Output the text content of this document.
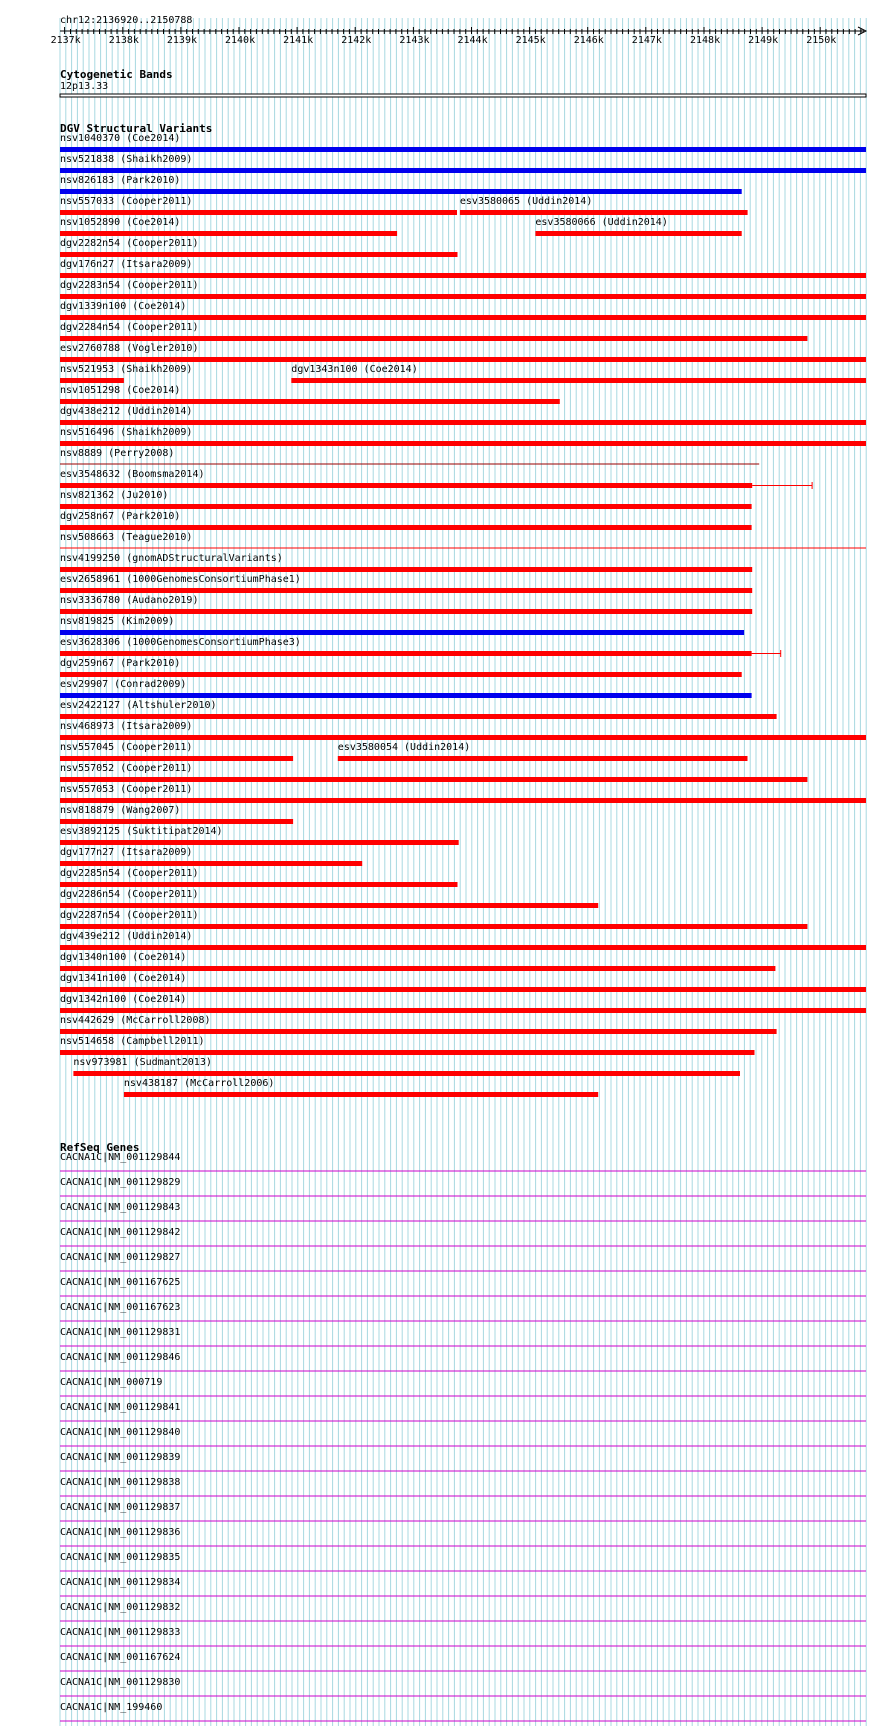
chr12:2136920..2150788
2137k	2138k	2139k	2140k	2141k	2142k	2143k	2144k	2145k	2146k	2147k	2148k	2149k	2150k
Cytogenetic Bands
12p13.33
DGV Structural Variants
nsv1040370 (Coe2014)
nsv521838 (Shaikh2009)
nsv826183 (Park2010)
nsv557033 (Cooper2011)	esv3580065 (Uddin2014)
nsv1052890 (Coe2014)	esv3580066 (Uddin2014)
dgv2282n54 (Cooper2011)
dgv176n27 (Itsara2009)
dgv2283n54 (Cooper2011)
dgv1339n100 (Coe2014)
dgv2284n54 (Cooper2011)
esv2760788 (Vogler2010)
nsv521953 (Shaikh2009)	dgv1343n100 (Coe2014)
nsv1051298 (Coe2014)
dgv438e212 (Uddin2014)
nsv516496 (Shaikh2009)
nsv8889 (Perry2008)
esv3548632 (Boomsma2014)
nsv821362 (Ju2010)
dgv258n67 (Park2010)
nsv508663 (Teague2010)
nsv4199250 (gnomADStructuralVariants)
esv2658961 (1000GenomesConsortiumPhase1)
nsv3336780 (Audano2019)
nsv819825 (Kim2009)
esv3628306 (1000GenomesConsortiumPhase3)
dgv259n67 (Park2010)
esv29907 (Conrad2009)
esv2422127 (Altshuler2010)
nsv468973 (Itsara2009)
nsv557045 (Cooper2011)	esv3580054 (Uddin2014)
nsv557052 (Cooper2011)
nsv557053 (Cooper2011)
nsv818879 (Wang2007)
esv3892125 (Suktitipat2014)
dgv177n27 (Itsara2009)
dgv2285n54 (Cooper2011)
dgv2286n54 (Cooper2011)
dgv2287n54 (Cooper2011)
dgv439e212 (Uddin2014)
dgv1340n100 (Coe2014)
dgv1341n100 (Coe2014)
dgv1342n100 (Coe2014)
nsv442629 (McCarroll2008)
nsv514658 (Campbell2011)
nsv973981 (Sudmant2013)
nsv438187 (McCarroll2006)
RefSeq Genes
CACNA1C|NM_001129844
CACNA1C|NM_001129829
CACNA1C|NM_001129843
CACNA1C|NM_001129842
CACNA1C|NM_001129827
CACNA1C|NM_001167625
CACNA1C|NM_001167623
CACNA1C|NM_001129831
CACNA1C|NM_001129846
CACNA1C|NM_000719
CACNA1C|NM_001129841
CACNA1C|NM_001129840
CACNA1C|NM_001129839
CACNA1C|NM_001129838
CACNA1C|NM_001129837
CACNA1C|NM_001129836
CACNA1C|NM_001129835
CACNA1C|NM_001129834
CACNA1C|NM_001129832
CACNA1C|NM_001129833
CACNA1C|NM_001167624
CACNA1C|NM_001129830
CACNA1C|NM_199460
